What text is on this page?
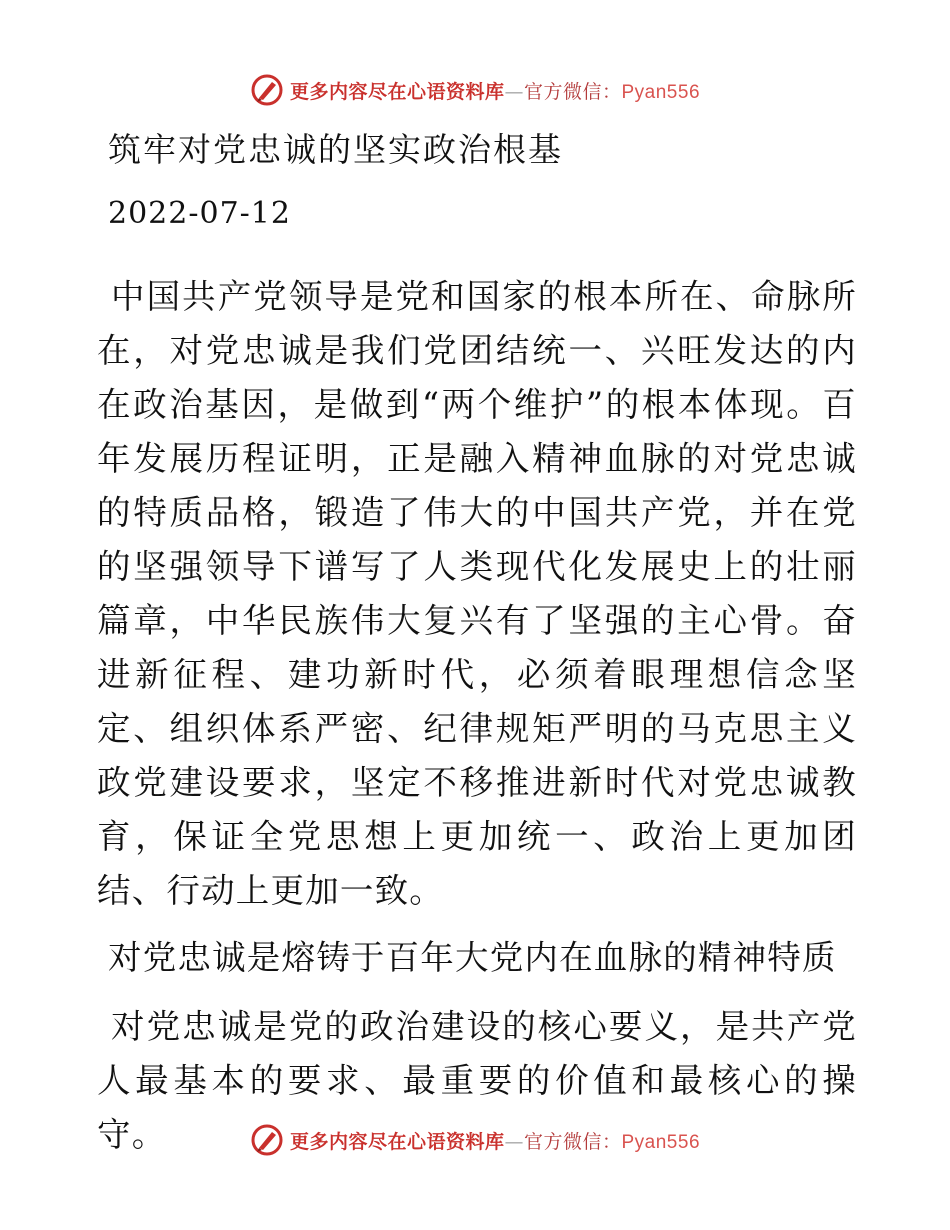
更多内容尽在心语资料库—官方微信：Pyan556
筑牢对党忠诚的坚实政治根基
2022-07-12
中国共产党领导是党和国家的根本所在、命脉所在，对党忠诚是我们党团结统一、兴旺发达的内在政治基因，是做到“两个维护”的根本体现。百年发展历程证明，正是融入精神血脉的对党忠诚的特质品格，锻造了伟大的中国共产党，并在党的坚强领导下谱写了人类现代化发展史上的壮丽篇章，中华民族伟大复兴有了坚强的主心骨。奋进新征程、建功新时代，必须着眼理想信念坚定、组织体系严密、纪律规矩严明的马克思主义政党建设要求，坚定不移推进新时代对党忠诚教育，保证全党思想上更加统一、政治上更加团结、行动上更加一致。
对党忠诚是熔铸于百年大党内在血脉的精神特质
对党忠诚是党的政治建设的核心要义，是共产党人最基本的要求、最重要的价值和最核心的操守。	更多内容尽在心语资料库—官方微信：Pyan556
